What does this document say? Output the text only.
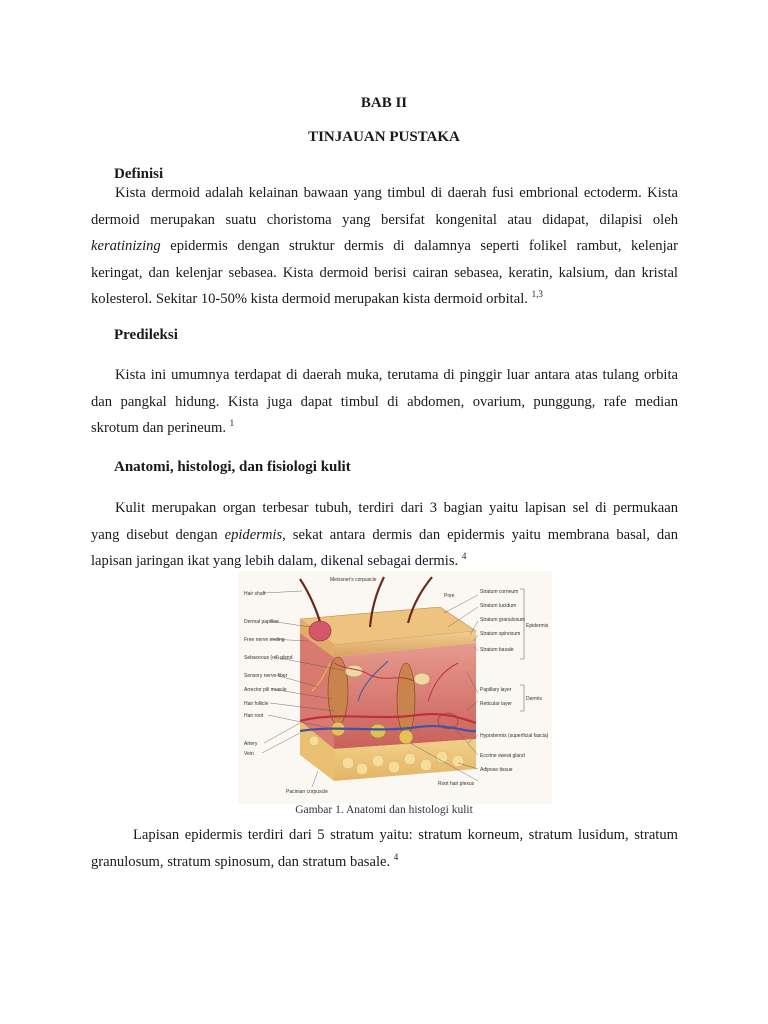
BAB II
TINJAUAN PUSTAKA
Definisi
Kista dermoid adalah kelainan bawaan yang timbul di daerah fusi embrional ectoderm. Kista
dermoid merupakan suatu choristoma yang bersifat kongenital atau didapat, dilapisi oleh
keratinizing epidermis dengan struktur dermis di dalamnya seperti folikel rambut, kelenjar
keringat, dan kelenjar sebasea. Kista dermoid berisi cairan sebasea, keratin, kalsium, dan kristal
kolesterol. Sekitar 10-50% kista dermoid merupakan kista dermoid orbital. $^{1,3}$
Predileksi
Kista ini umumnya terdapat di daerah muka, terutama di pinggir luar antara atas tulang orbita
dan pangkal hidung. Kista juga dapat timbul di abdomen, ovarium, punggung, rafe median
skrotum dan perineum. $^1$
Anatomi, histologi, dan fisiologi kulit
Kulit merupakan organ terbesar tubuh, terdiri dari 3 bagian yaitu lapisan sel di permukaan
yang disebut dengan epidermis, sekat antara dermis dan epidermis yaitu membrana basal, dan
lapisan jaringan ikat yang lebih dalam, dikenal sebagai dermis. $^4$
Hair shaft
Dermal papillae
Free nerve ending
Sebaceous (oil) gland
Sensory nerve fiber
Arrector pili muscle
Hair follicle
Hair root
Artery
Vein
Pacinian corpuscle
Meissner's corpuscle
Pore
Stratum corneum
Stratum lucidum
Stratum granulosum
Stratum spinosum
Stratum basale
Papillary layer
Reticular layer
Hypodermis (superficial fascia)
Eccrine sweat gland
Adipose tissue
Root hair plexus
Epidermis
Dermis
Gambar 1. Anatomi dan histologi kulit
Lapisan epidermis terdiri dari 5 stratum yaitu: stratum korneum, stratum lusidum, stratum
granulosum, stratum spinosum, dan stratum basale. $^4$
